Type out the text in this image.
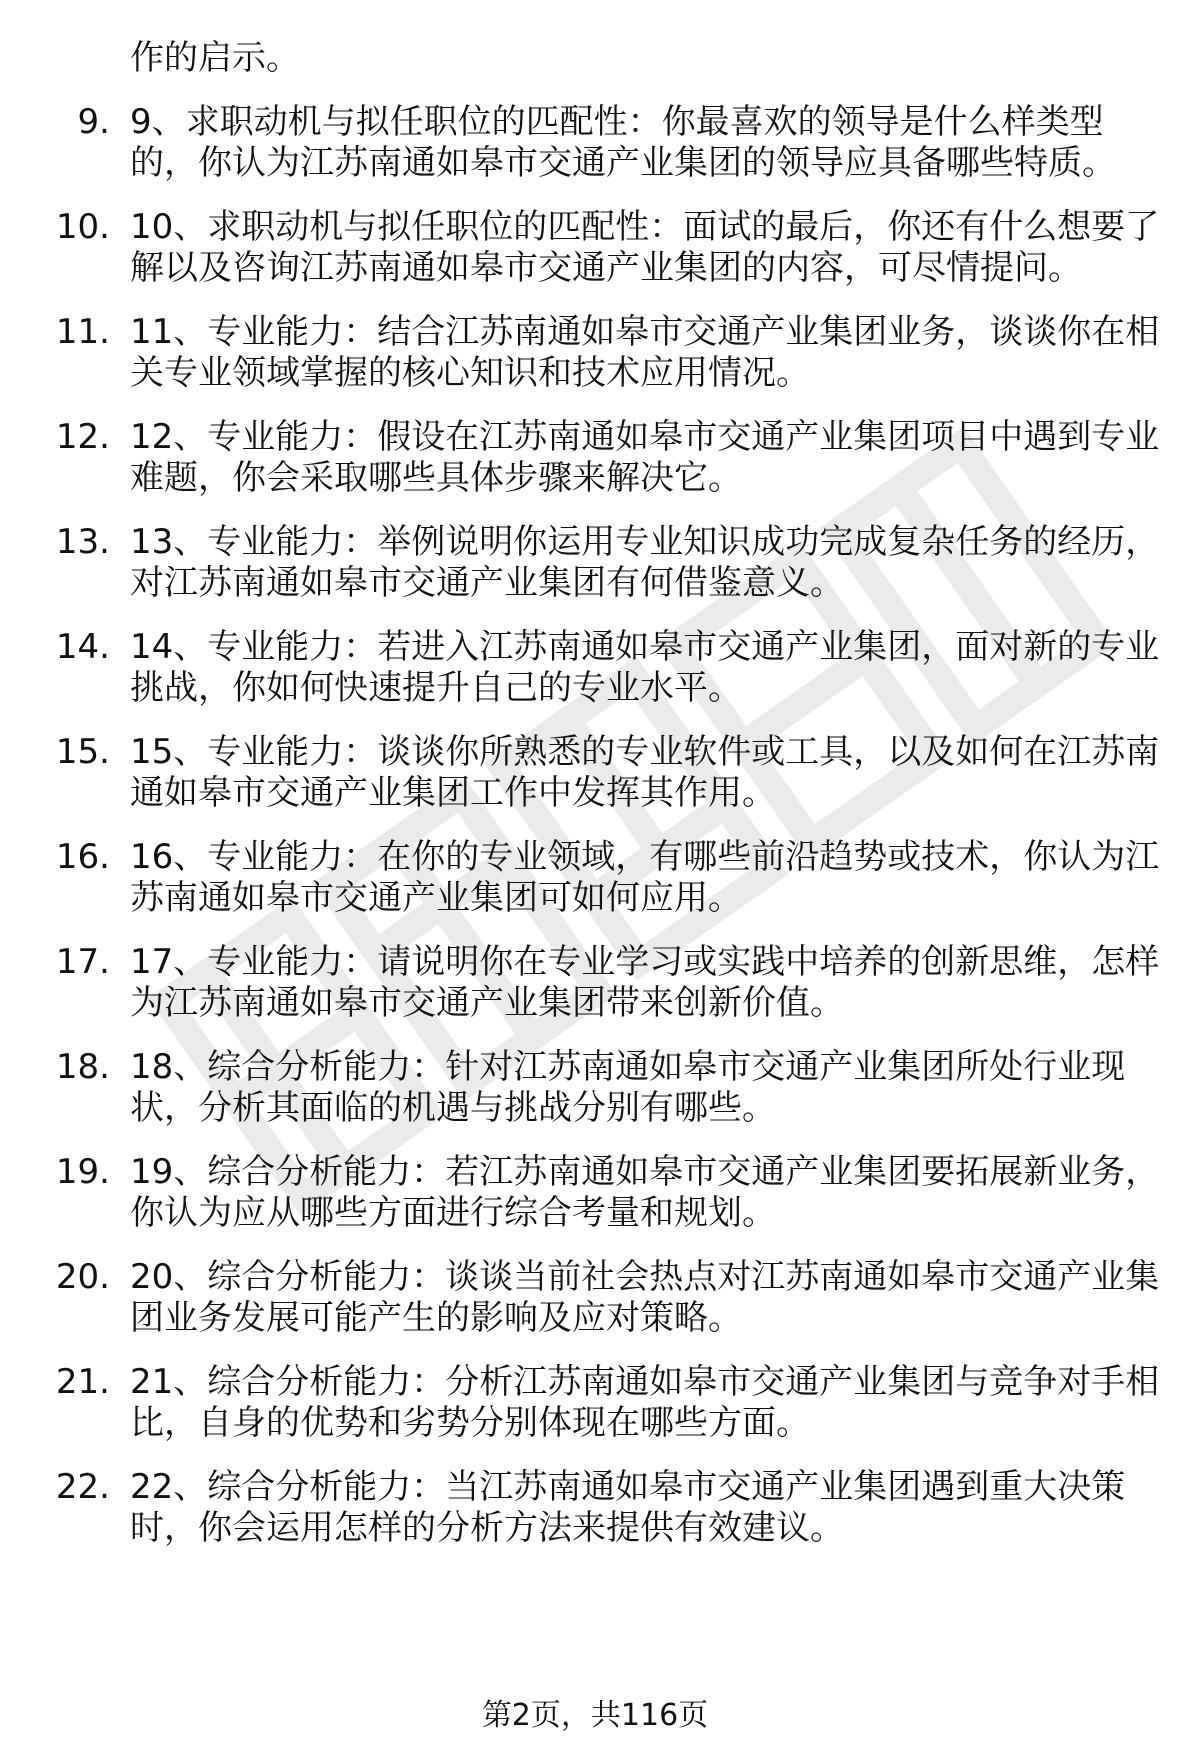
作的启示。
9. 9、求职动机与拟任职位的匹配性：你最喜欢的领导是什么样类型的，你认为江苏南通如皋市交通产业集团的领导应具备哪些特质。
10. 10、求职动机与拟任职位的匹配性：面试的最后，你还有什么想要了解以及咨询江苏南通如皋市交通产业集团的内容，可尽情提问。
11. 11、专业能力：结合江苏南通如皋市交通产业集团业务，谈谈你在相关专业领域掌握的核心知识和技术应用情况。
12. 12、专业能力：假设在江苏南通如皋市交通产业集团项目中遇到专业难题，你会采取哪些具体步骤来解决它。
13. 13、专业能力：举例说明你运用专业知识成功完成复杂任务的经历，对江苏南通如皋市交通产业集团有何借鉴意义。
14. 14、专业能力：若进入江苏南通如皋市交通产业集团，面对新的专业挑战，你如何快速提升自己的专业水平。
15. 15、专业能力：谈谈你所熟悉的专业软件或工具，以及如何在江苏南通如皋市交通产业集团工作中发挥其作用。
16. 16、专业能力：在你的专业领域，有哪些前沿趋势或技术，你认为江苏南通如皋市交通产业集团可如何应用。
17. 17、专业能力：请说明你在专业学习或实践中培养的创新思维，怎样为江苏南通如皋市交通产业集团带来创新价值。
18. 18、综合分析能力：针对江苏南通如皋市交通产业集团所处行业现状，分析其面临的机遇与挑战分别有哪些。
19. 19、综合分析能力：若江苏南通如皋市交通产业集团要拓展新业务，你认为应从哪些方面进行综合考量和规划。
20. 20、综合分析能力：谈谈当前社会热点对江苏南通如皋市交通产业集团业务发展可能产生的影响及应对策略。
21. 21、综合分析能力：分析江苏南通如皋市交通产业集团与竞争对手相比，自身的优势和劣势分别体现在哪些方面。
22. 22、综合分析能力：当江苏南通如皋市交通产业集团遇到重大决策时，你会运用怎样的分析方法来提供有效建议。
第2页，共116页
